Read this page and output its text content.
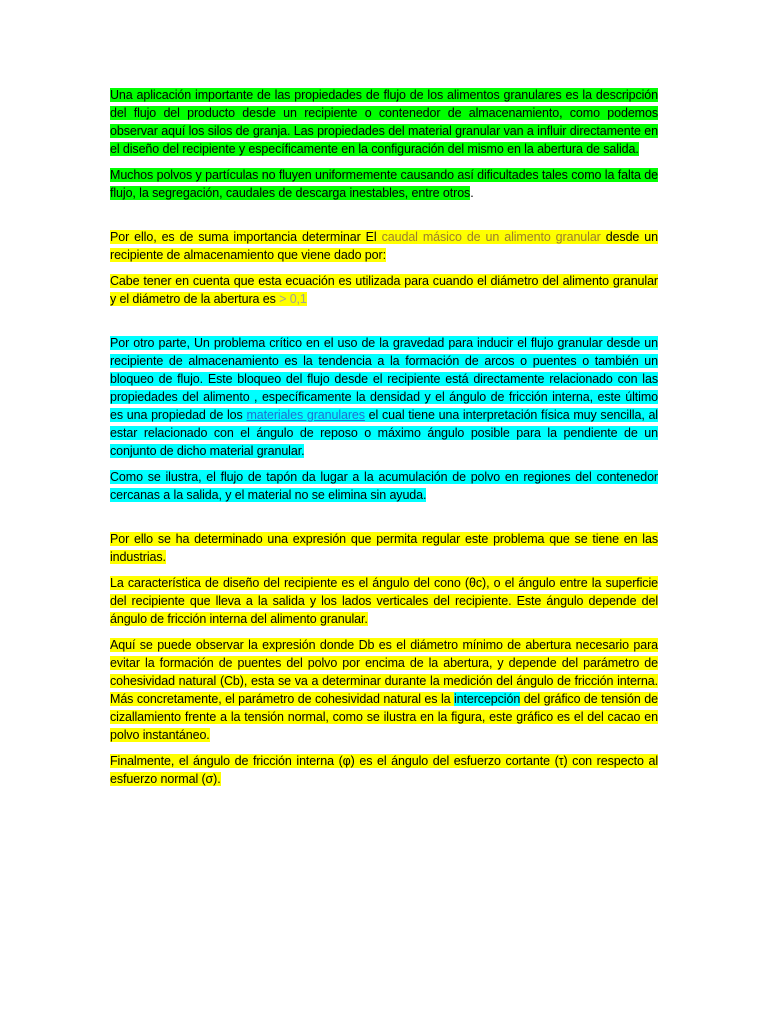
Una aplicación importante de las propiedades de flujo de los alimentos granulares es la descripción del flujo del producto desde un recipiente o contenedor de almacenamiento, como podemos observar aquí los silos de granja. Las propiedades del material granular van a influir directamente en el diseño del recipiente y específicamente en la configuración del mismo en la abertura de salida.

Muchos polvos y partículas no fluyen uniformemente causando así dificultades tales como la falta de flujo, la segregación, caudales de descarga inestables, entre otros.

Por ello, es de suma importancia determinar El caudal másico de un alimento granular desde un recipiente de almacenamiento que viene dado por:

Cabe tener en cuenta que esta ecuación es utilizada para cuando el diámetro del alimento granular y el diámetro de la abertura es > 0,1

Por otro parte, Un problema crítico en el uso de la gravedad para inducir el flujo granular desde un recipiente de almacenamiento es la tendencia a la formación de arcos o puentes o también un bloqueo de flujo. Este bloqueo del flujo desde el recipiente está directamente relacionado con las propiedades del alimento , específicamente la densidad y el ángulo de fricción interna, este último es una propiedad de los materiales granulares el cual tiene una interpretación física muy sencilla, al estar relacionado con el ángulo de reposo o máximo ángulo posible para la pendiente de un conjunto de dicho material granular.

Como se ilustra, el flujo de tapón da lugar a la acumulación de polvo en regiones del contenedor cercanas a la salida, y el material no se elimina sin ayuda.

Por ello se ha determinado una expresión que permita regular este problema que se tiene en las industrias.

La característica de diseño del recipiente es el ángulo del cono (θc), o el ángulo entre la superficie del recipiente que lleva a la salida y los lados verticales del recipiente. Este ángulo depende del ángulo de fricción interna del alimento granular.

Aquí se puede observar la expresión donde Db es el diámetro mínimo de abertura necesario para evitar la formación de puentes del polvo por encima de la abertura, y depende del parámetro de cohesividad natural (Cb), esta se va a determinar durante la medición del ángulo de fricción interna. Más concretamente, el parámetro de cohesividad natural es la intercepción del gráfico de tensión de cizallamiento frente a la tensión normal, como se ilustra en la figura, este gráfico es el del cacao en polvo instantáneo.

Finalmente, el ángulo de fricción interna (φ) es el ángulo del esfuerzo cortante (τ) con respecto al esfuerzo normal (σ).
